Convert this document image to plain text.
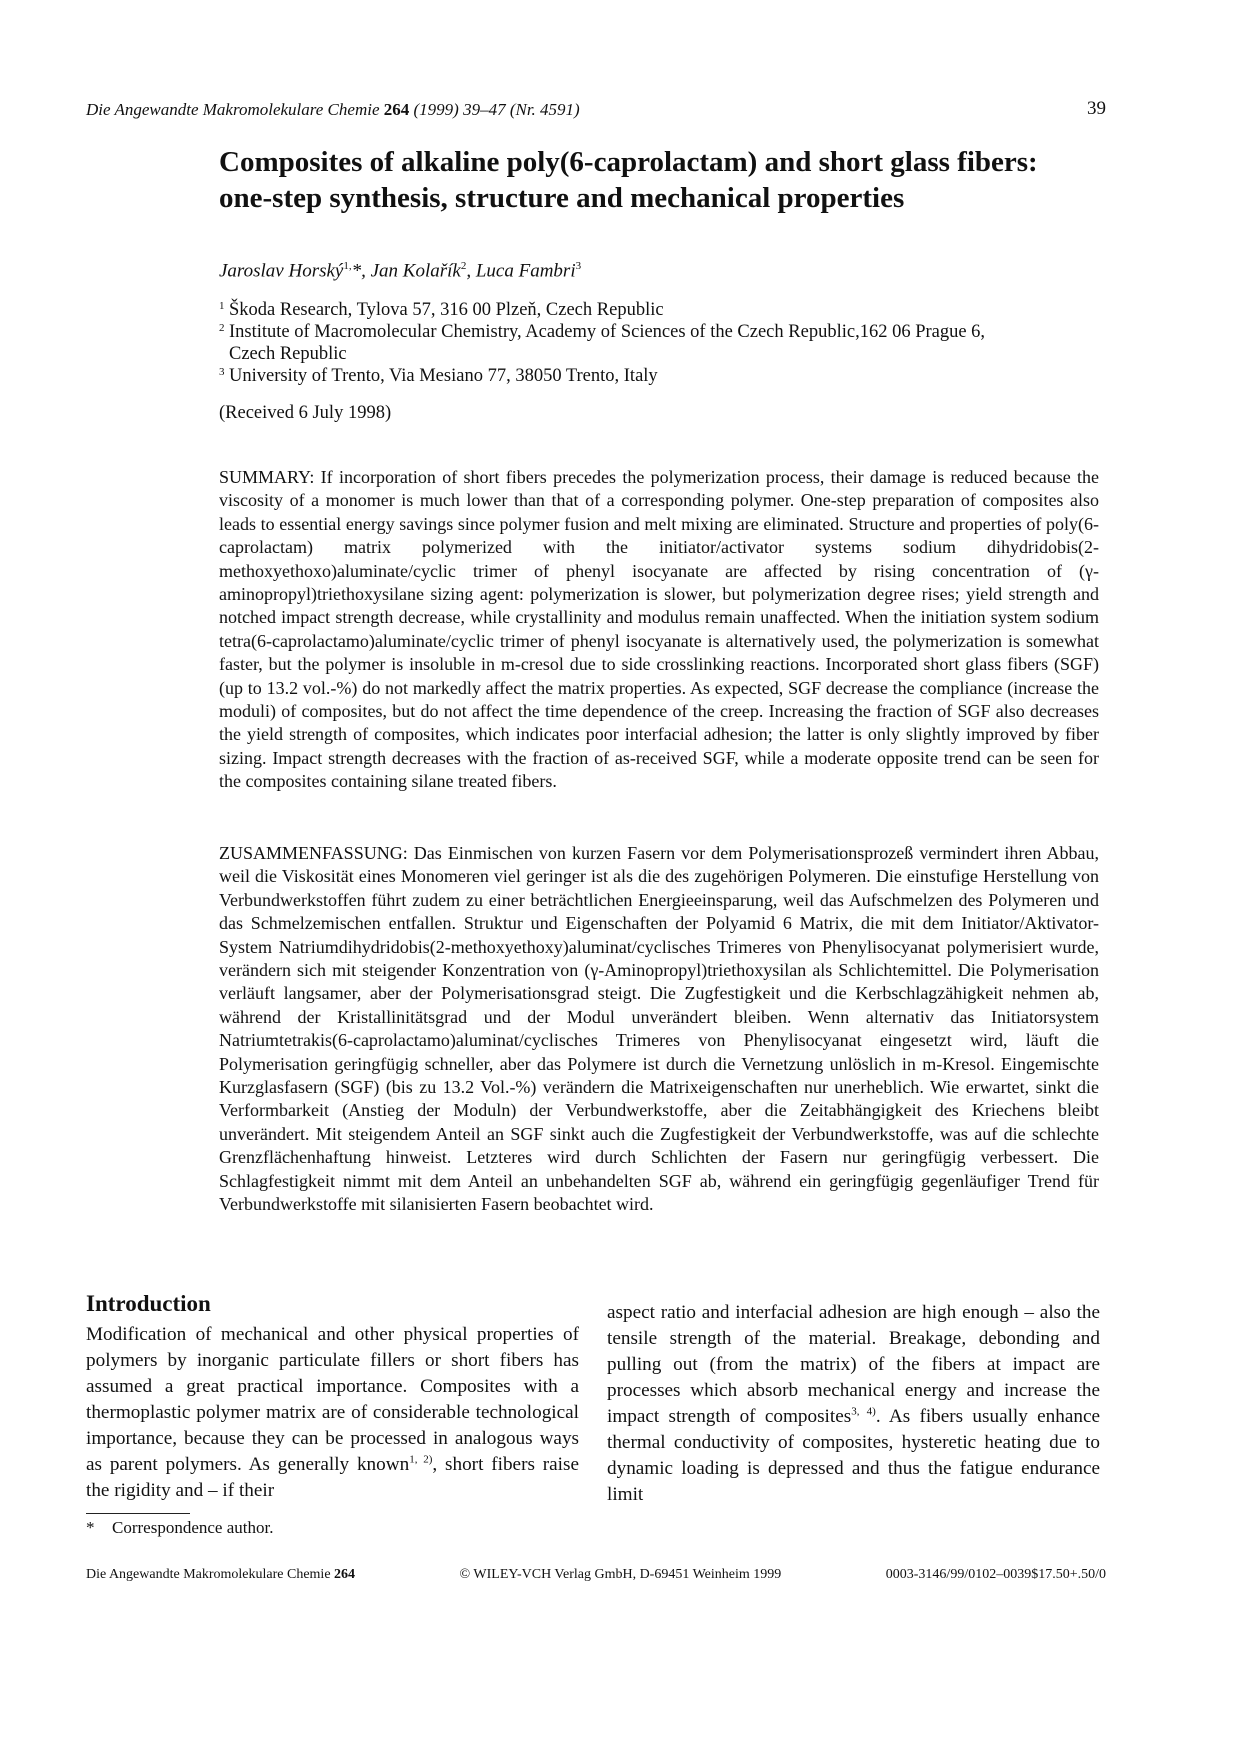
Die Angewandte Makromolekulare Chemie 264 (1999) 39–47 (Nr. 4591)	39
Composites of alkaline poly(6-caprolactam) and short glass fibers:
one-step synthesis, structure and mechanical properties
Jaroslav Horský$^{1,}$*, Jan Kolařík$^2$, Luca Fambri$^3$
1 Škoda Research, Tylova 57, 316 00 Plzeň, Czech Republic
2 Institute of Macromolecular Chemistry, Academy of Sciences of the Czech Republic,162 06 Prague 6,
Czech Republic
3 University of Trento, Via Mesiano 77, 38050 Trento, Italy
(Received 6 July 1998)

SUMMARY: If incorporation of short fibers precedes the polymerization process, their damage is reduced because the viscosity of a monomer is much lower than that of a corresponding polymer. One-step preparation of composites also leads to essential energy savings since polymer fusion and melt mixing are eliminated. Structure and properties of poly(6-caprolactam) matrix polymerized with the initiator/activator systems sodium dihydridobis(2-methoxyethoxo)aluminate/cyclic trimer of phenyl isocyanate are affected by rising concentration of (γ-aminopropyl)triethoxysilane sizing agent: polymerization is slower, but polymerization degree rises; yield strength and notched impact strength decrease, while crystallinity and modulus remain unaffected. When the initiation system sodium tetra(6-caprolactamo)aluminate/cyclic trimer of phenyl isocyanate is alternatively used, the polymerization is somewhat faster, but the polymer is insoluble in m-cresol due to side crosslinking reactions. Incorporated short glass fibers (SGF) (up to 13.2 vol.-%) do not markedly affect the matrix properties. As expected, SGF decrease the compliance (increase the moduli) of composites, but do not affect the time dependence of the creep. Increasing the fraction of SGF also decreases the yield strength of composites, which indicates poor interfacial adhesion; the latter is only slightly improved by fiber sizing. Impact strength decreases with the fraction of as-received SGF, while a moderate opposite trend can be seen for the composites containing silane treated fibers.

ZUSAMMENFASSUNG: Das Einmischen von kurzen Fasern vor dem Polymerisationsprozeß vermindert ihren Abbau, weil die Viskosität eines Monomeren viel geringer ist als die des zugehörigen Polymeren. Die einstufige Herstellung von Verbundwerkstoffen führt zudem zu einer beträchtlichen Energieeinsparung, weil das Aufschmelzen des Polymeren und das Schmelzemischen entfallen. Struktur und Eigenschaften der Polyamid 6 Matrix, die mit dem Initiator/Aktivator-System Natriumdihydridobis(2-methoxyethoxy)aluminat/cyclisches Trimeres von Phenylisocyanat polymerisiert wurde, verändern sich mit steigender Konzentration von (γ-Aminopropyl)triethoxysilan als Schlichtemittel. Die Polymerisation verläuft langsamer, aber der Polymerisationsgrad steigt. Die Zugfestigkeit und die Kerbschlagzähigkeit nehmen ab, während der Kristallinitätsgrad und der Modul unverändert bleiben. Wenn alternativ das Initiatorsystem Natriumtetrakis(6-caprolactamo)aluminat/cyclisches Trimeres von Phenylisocyanat eingesetzt wird, läuft die Polymerisation geringfügig schneller, aber das Polymere ist durch die Vernetzung unlöslich in m-Kresol. Eingemischte Kurzglasfasern (SGF) (bis zu 13.2 Vol.-%) verändern die Matrixeigenschaften nur unerheblich. Wie erwartet, sinkt die Verformbarkeit (Anstieg der Moduln) der Verbundwerkstoffe, aber die Zeitabhängigkeit des Kriechens bleibt unverändert. Mit steigendem Anteil an SGF sinkt auch die Zugfestigkeit der Verbundwerkstoffe, was auf die schlechte Grenzflächenhaftung hinweist. Letzteres wird durch Schlichten der Fasern nur geringfügig verbessert. Die Schlagfestigkeit nimmt mit dem Anteil an unbehandelten SGF ab, während ein geringfügig gegenläufiger Trend für Verbundwerkstoffe mit silanisierten Fasern beobachtet wird.

Introduction

Modification of mechanical and other physical properties of polymers by inorganic particulate fillers or short fibers has assumed a great practical importance. Composites with a thermoplastic polymer matrix are of considerable technological importance, because they can be processed in analogous ways as parent polymers. As generally known$^{1, 2)}$, short fibers raise the rigidity and – if their

aspect ratio and interfacial adhesion are high enough – also the tensile strength of the material. Breakage, debonding and pulling out (from the matrix) of the fibers at impact are processes which absorb mechanical energy and increase the impact strength of composites$^{3, 4)}$. As fibers usually enhance thermal conductivity of composites, hysteretic heating due to dynamic loading is depressed and thus the fatigue endurance limit

* Correspondence author.
Die Angewandte Makromolekulare Chemie 264	© WILEY-VCH Verlag GmbH, D-69451 Weinheim 1999	0003-3146/99/0102–0039$17.50+.50/0
